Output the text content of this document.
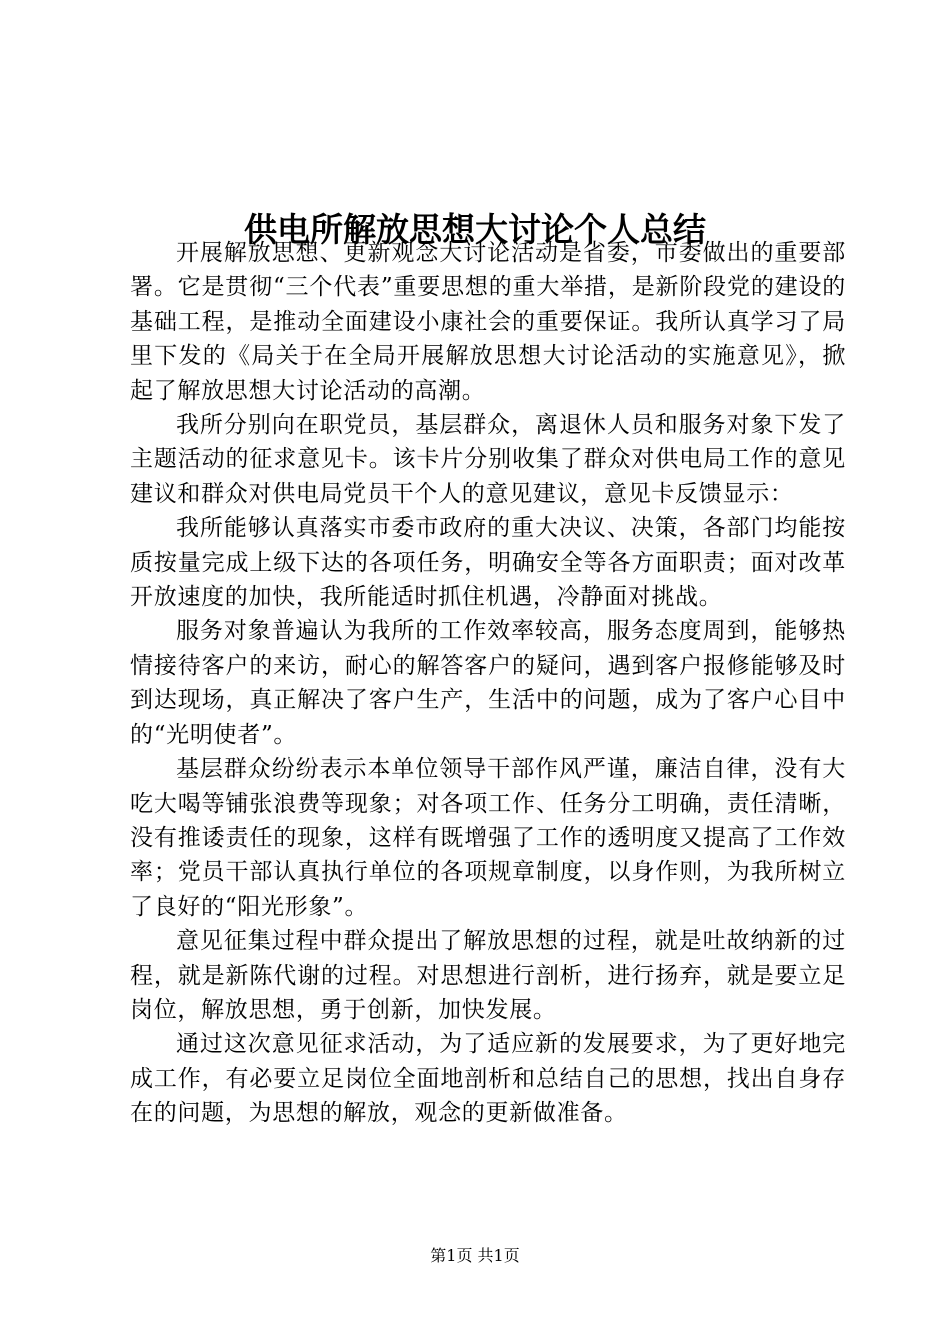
供电所解放思想大讨论个人总结

开展解放思想、更新观念大讨论活动是省委，市委做出的重要部署。它是贯彻“三个代表”重要思想的重大举措，是新阶段党的建设的基础工程，是推动全面建设小康社会的重要保证。我所认真学习了局里下发的《局关于在全局开展解放思想大讨论活动的实施意见》，掀起了解放思想大讨论活动的高潮。

我所分别向在职党员，基层群众，离退休人员和服务对象下发了主题活动的征求意见卡。该卡片分别收集了群众对供电局工作的意见建议和群众对供电局党员干个人的意见建议，意见卡反馈显示：

我所能够认真落实市委市政府的重大决议、决策，各部门均能按质按量完成上级下达的各项任务，明确安全等各方面职责；面对改革开放速度的加快，我所能适时抓住机遇，冷静面对挑战。

服务对象普遍认为我所的工作效率较高，服务态度周到，能够热情接待客户的来访，耐心的解答客户的疑问，遇到客户报修能够及时到达现场，真正解决了客户生产，生活中的问题，成为了客户心目中的“光明使者”。

基层群众纷纷表示本单位领导干部作风严谨，廉洁自律，没有大吃大喝等铺张浪费等现象；对各项工作、任务分工明确，责任清晰，没有推诿责任的现象，这样有既增强了工作的透明度又提高了工作效率；党员干部认真执行单位的各项规章制度，以身作则，为我所树立了良好的“阳光形象”。

意见征集过程中群众提出了解放思想的过程，就是吐故纳新的过程，就是新陈代谢的过程。对思想进行剖析，进行扬弃，就是要立足岗位，解放思想，勇于创新，加快发展。

通过这次意见征求活动，为了适应新的发展要求，为了更好地完成工作，有必要立足岗位全面地剖析和总结自己的思想，找出自身存在的问题，为思想的解放，观念的更新做准备。

第1页 共1页
